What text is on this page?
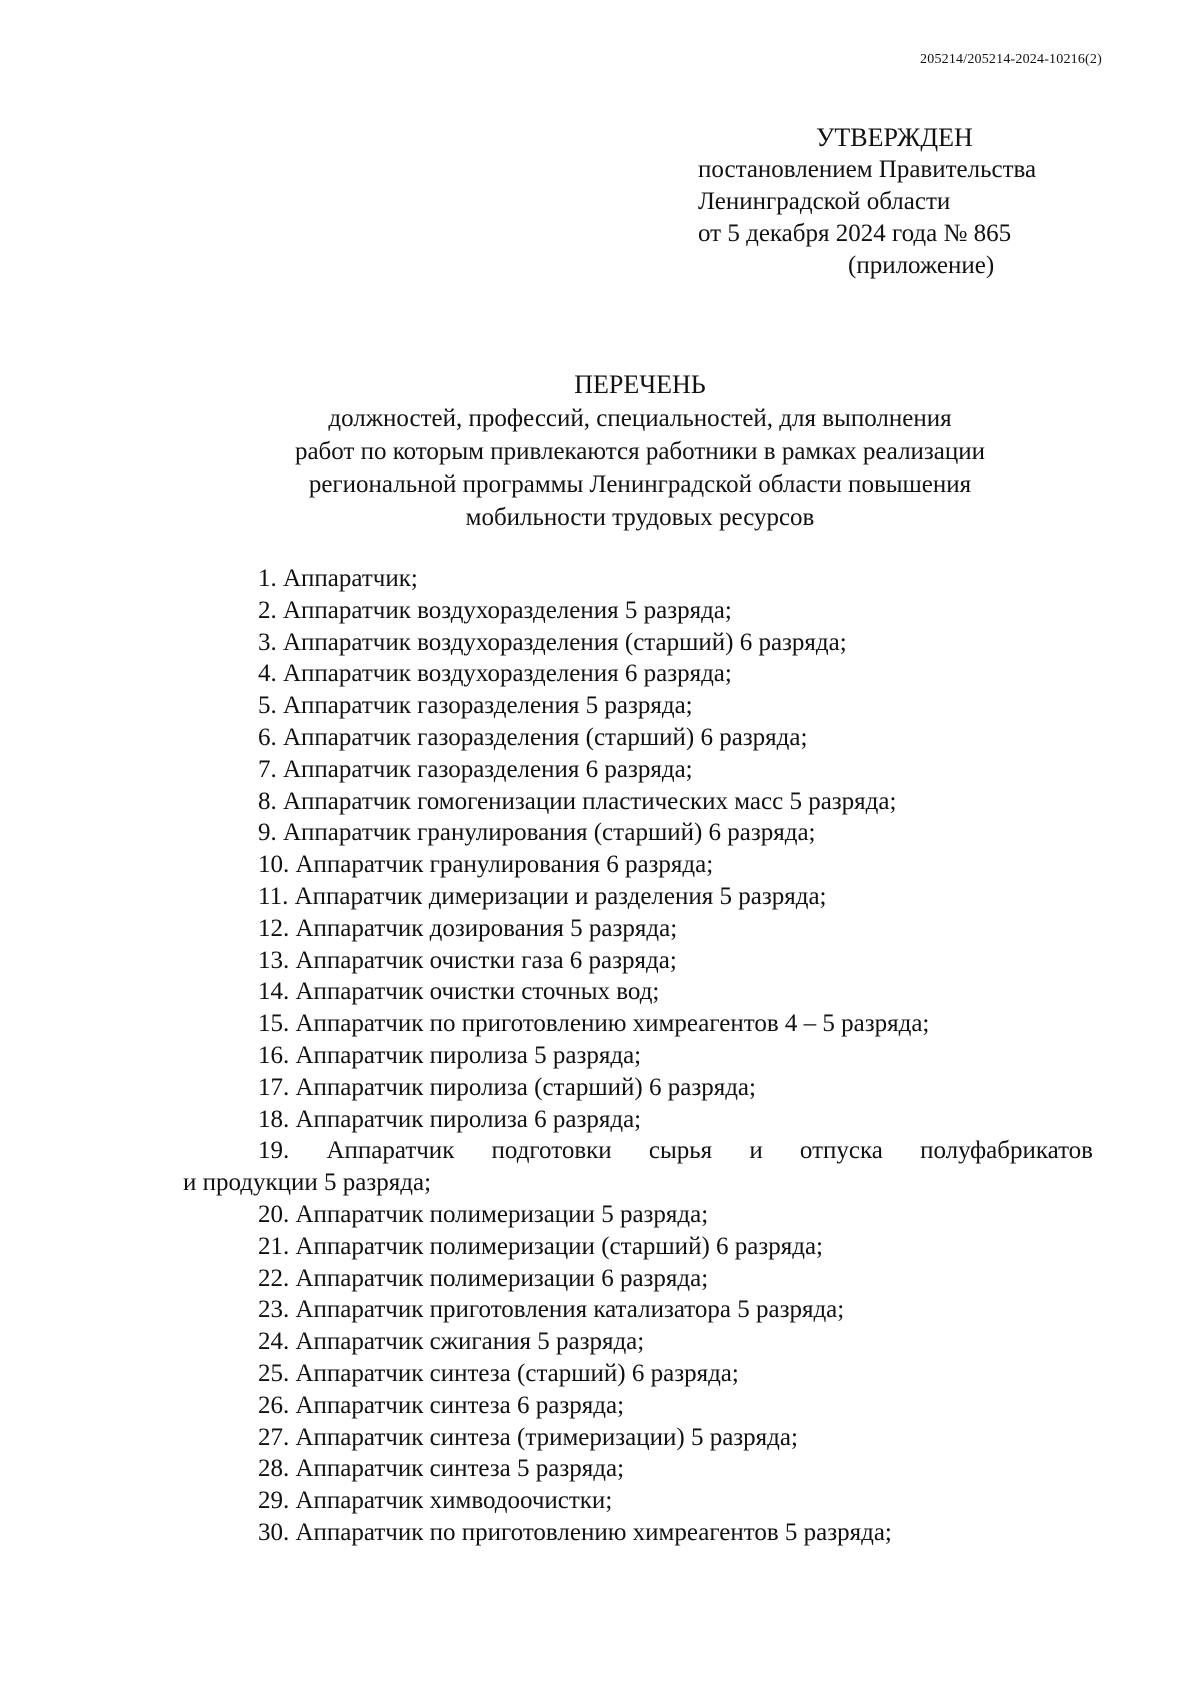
205214/205214-2024-10216(2)
УТВЕРЖДЕН
постановлением Правительства
Ленинградской области
от 5 декабря 2024 года № 865
(приложение)
ПЕРЕЧЕНЬ
должностей, профессий, специальностей, для выполнения
работ по которым привлекаются работники в рамках реализации
региональной программы Ленинградской области повышения
мобильности трудовых ресурсов
1. Аппаратчик;
2. Аппаратчик воздухоразделения 5 разряда;
3. Аппаратчик воздухоразделения (старший) 6 разряда;
4. Аппаратчик воздухоразделения 6 разряда;
5. Аппаратчик газоразделения 5 разряда;
6. Аппаратчик газоразделения (старший) 6 разряда;
7. Аппаратчик газоразделения 6 разряда;
8. Аппаратчик гомогенизации пластических масс 5 разряда;
9. Аппаратчик гранулирования (старший) 6 разряда;
10. Аппаратчик гранулирования 6 разряда;
11. Аппаратчик димеризации и разделения 5 разряда;
12. Аппаратчик дозирования 5 разряда;
13. Аппаратчик очистки газа 6 разряда;
14. Аппаратчик очистки сточных вод;
15. Аппаратчик по приготовлению химреагентов 4 – 5 разряда;
16. Аппаратчик пиролиза 5 разряда;
17. Аппаратчик пиролиза (старший) 6 разряда;
18. Аппаратчик пиролиза 6 разряда;
19. Аппаратчик подготовки сырья и отпуска полуфабрикатов
и продукции 5 разряда;
20. Аппаратчик полимеризации 5 разряда;
21. Аппаратчик полимеризации (старший) 6 разряда;
22. Аппаратчик полимеризации 6 разряда;
23. Аппаратчик приготовления катализатора 5 разряда;
24. Аппаратчик сжигания 5 разряда;
25. Аппаратчик синтеза (старший) 6 разряда;
26. Аппаратчик синтеза 6 разряда;
27. Аппаратчик синтеза (тримеризации) 5 разряда;
28. Аппаратчик синтеза 5 разряда;
29. Аппаратчик химводоочистки;
30. Аппаратчик по приготовлению химреагентов 5 разряда;
